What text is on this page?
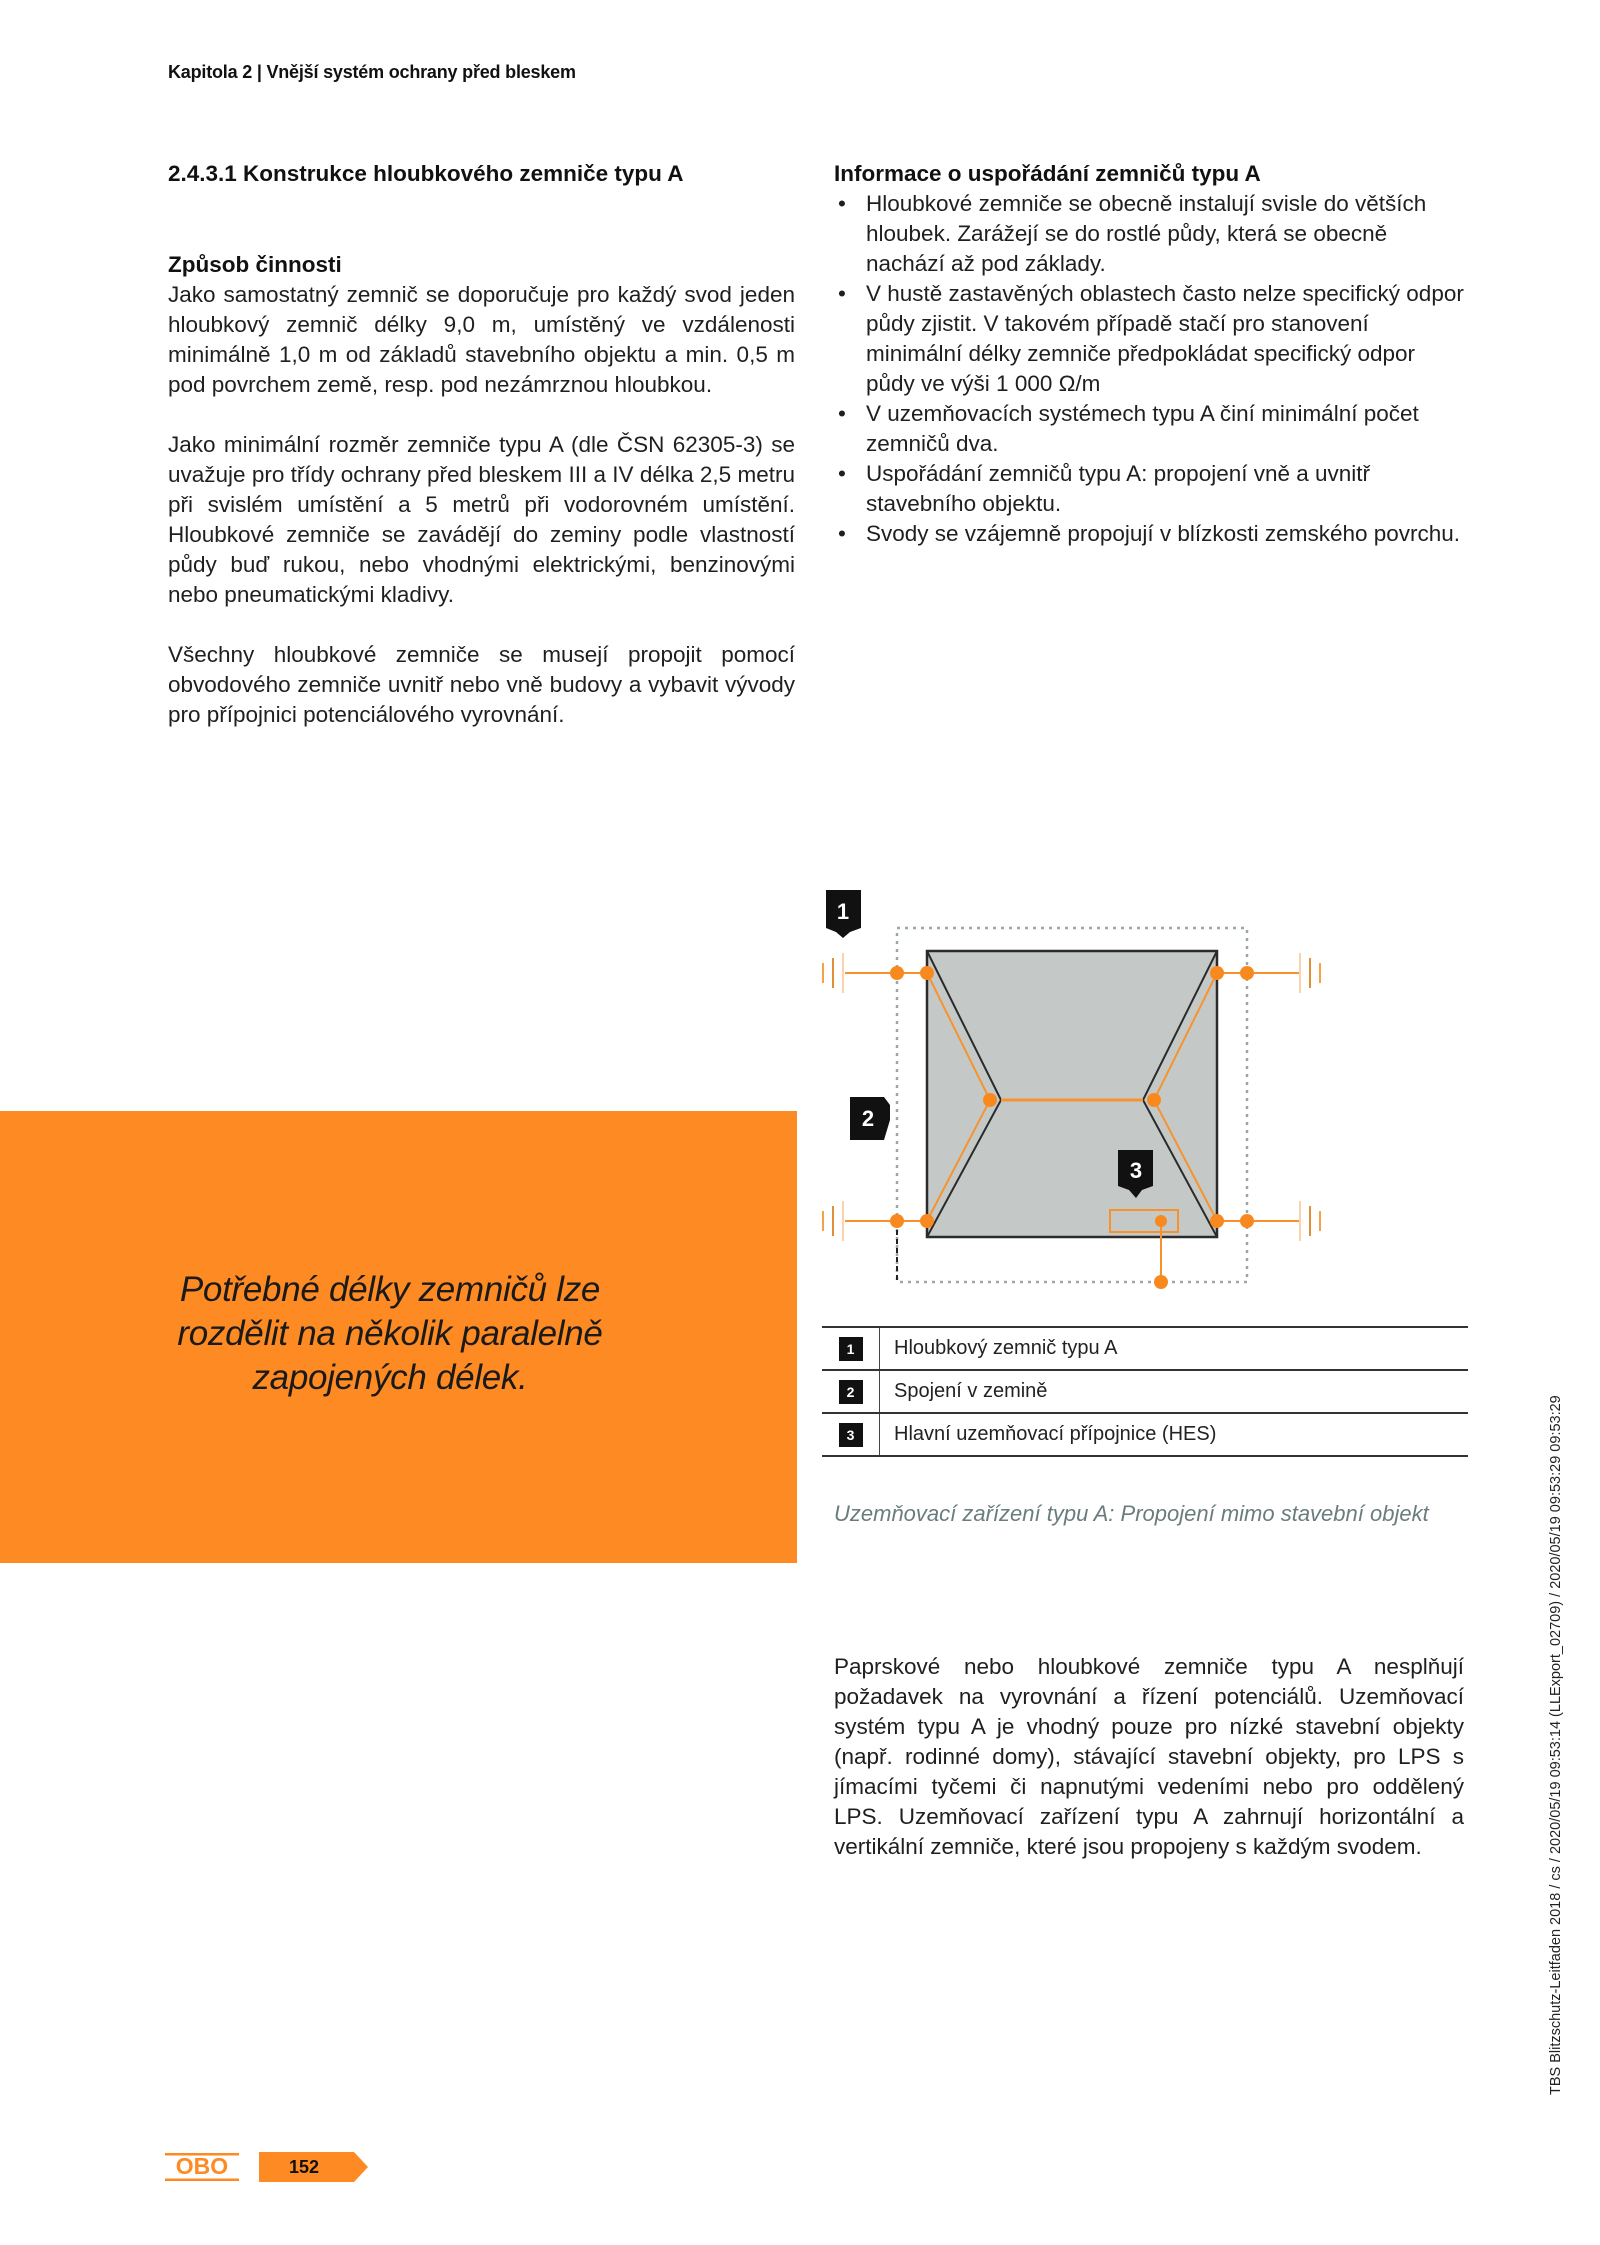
Kapitola 2 | Vnější systém ochrany před bleskem
2.4.3.1 Konstrukce hloubkového zemniče typu A
Způsob činnosti

Jako samostatný zemnič se doporučuje pro každý svod jeden hloubkový zemnič délky 9,0 m, umístěný ve vzdálenosti minimálně 1,0 m od základů stavebního objektu a min. 0,5 m pod povrchem země, resp. pod nezámrznou hloubkou.

Jako minimální rozměr zemniče typu A (dle ČSN 62305-3) se uvažuje pro třídy ochrany před bleskem III a IV délka 2,5 metru při svislém umístění a 5 metrů při vodorovném umístění. Hloubkové zemniče se zavádějí do zeminy podle vlastností půdy buď rukou, nebo vhodnými elektrickými, benzinovými nebo pneumatickými kladivy.

Všechny hloubkové zemniče se musejí propojit pomocí obvodového zemniče uvnitř nebo vně budovy a vybavit vývody pro přípojnici potenciálového vyrovnání.

Informace o uspořádání zemničů typu A
• Hloubkové zemniče se obecně instalují svisle do větších hloubek. Zarážejí se do rostlé půdy, která se obecně nachází až pod základy.
• V hustě zastavěných oblastech často nelze specifický odpor půdy zjistit. V takovém případě stačí pro stanovení minimální délky zemniče předpokládat specifický odpor půdy ve výši 1 000 Ω/m
• V uzemňovacích systémech typu A činí minimální počet zemničů dva.
• Uspořádání zemničů typu A: propojení vně a uvnitř stavebního objektu.
• Svody se vzájemně propojují v blízkosti zemského povrchu.
Potřebné délky zemničů lze rozdělit na několik paralelně zapojených délek.
1
2
3
1	Hloubkový zemnič typu A
2	Spojení v zemině
3	Hlavní uzemňovací přípojnice (HES)
Uzemňovací zařízení typu A: Propojení mimo stavební objekt

Paprskové nebo hloubkové zemniče typu A nesplňují požadavek na vyrovnání a řízení potenciálů. Uzemňovací systém typu A je vhodný pouze pro nízké stavební objekty (např. rodinné domy), stávající stavební objekty, pro LPS s jímacími tyčemi či napnutými vedeními nebo pro oddělený LPS. Uzemňovací zařízení typu A zahrnují horizontální a vertikální zemniče, které jsou propojeny s každým svodem.

OBO	152
TBS Blitzschutz-Leitfaden 2018 / cs / 2020/05/19 09:53:14 (LLExport_02709) / 2020/05/19 09:53:29 09:53:29
